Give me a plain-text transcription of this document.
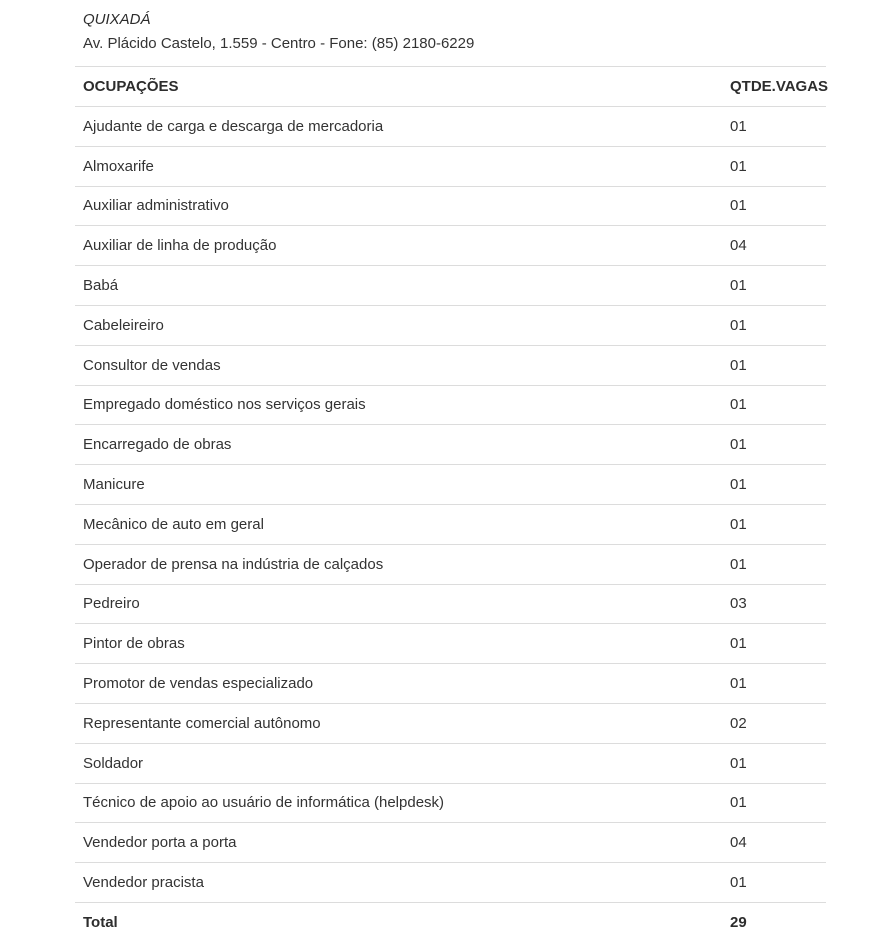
QUIXADÁ
Av. Plácido Castelo, 1.559 - Centro - Fone: (85) 2180-6229
OCUPAÇÕES	QTDE.VAGAS
Ajudante de carga e descarga de mercadoria	01
Almoxarife	01
Auxiliar administrativo	01
Auxiliar de linha de produção	04
Babá	01
Cabeleireiro	01
Consultor de vendas	01
Empregado doméstico nos serviços gerais	01
Encarregado de obras	01
Manicure	01
Mecânico de auto em geral	01
Operador de prensa na indústria de calçados	01
Pedreiro	03
Pintor de obras	01
Promotor de vendas especializado	01
Representante comercial autônomo	02
Soldador	01
Técnico de apoio ao usuário de informática (helpdesk)	01
Vendedor porta a porta	04
Vendedor pracista	01
Total	29
